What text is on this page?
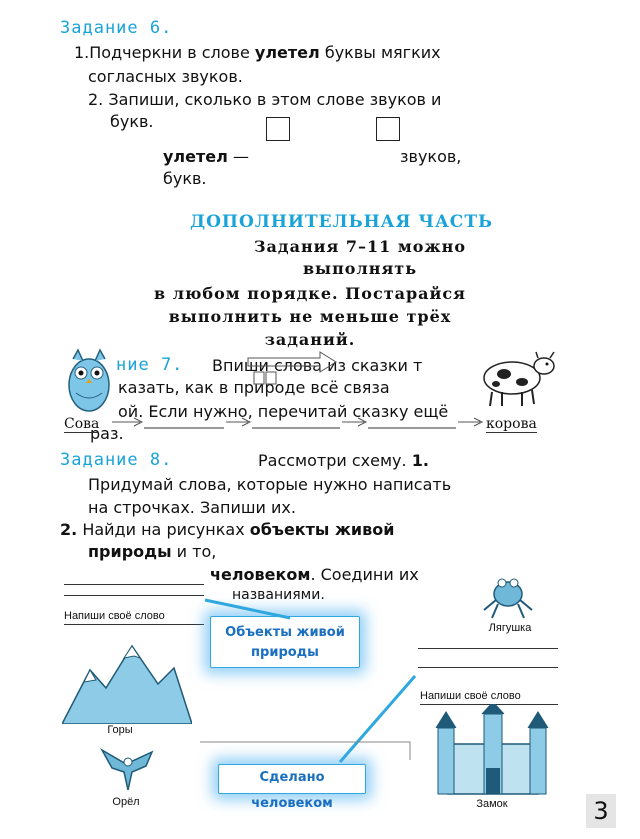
Задание 6.
1.Подчеркни в слове улетел буквы мягких
согласных звуков.
2. Запиши, сколько в этом слове звуков и
букв.
улетел —	звуков,
букв.
ДОПОЛНИТЕЛЬНАЯ ЧАСТЬ
Задания 7–11 можно
выполнять
в любом порядке. Постарайся
выполнить не меньше трёх
заданий.
ние 7. Впиши слова из сказки т
казать, как в природе всё связа
ой. Если нужно, перечитай сказку ещё
раз.
Сова	корова
Задание 8.	Рассмотри схему. 1.
Придумай слова, которые нужно написать
на строчках. Запиши их.
2. Найди на рисунках объекты живой
природы и то,
человеком. Соедини их
названиями.
Напиши своё слово
Лягушка
Объекты живой природы
Напиши своё слово
Горы
Замок
Орёл
Сделано человеком	3
